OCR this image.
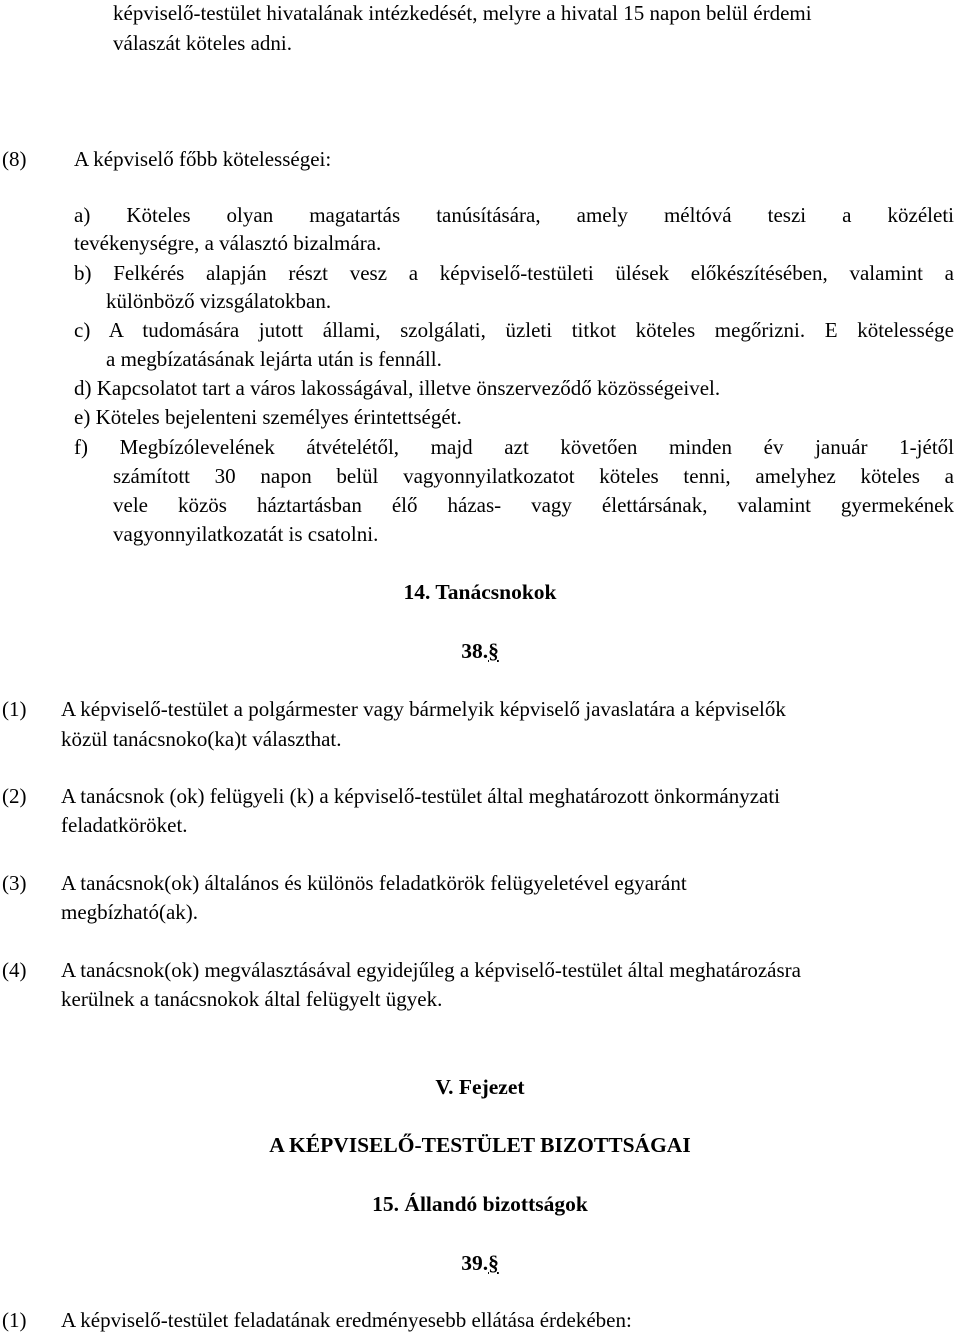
képviselő-testület hivatalának intézkedését, melyre a hivatal 15 napon belül érdemi
válaszát köteles adni.
(8) A képviselő főbb kötelességei:
a) Köteles olyan magatartás tanúsítására, amely méltóvá teszi a közéleti
tevékenységre, a választó bizalmára.
b) Felkérés alapján részt vesz a képviselő-testületi ülések előkészítésében, valamint a
különböző vizsgálatokban.
c) A tudomására jutott állami, szolgálati, üzleti titkot köteles megőrizni. E kötelessége
a megbízatásának lejárta után is fennáll.
d) Kapcsolatot tart a város lakosságával, illetve önszerveződő közösségeivel.
e) Köteles bejelenteni személyes érintettségét.
f) Megbízólevelének átvételétől, majd azt követően minden év január 1-jétől
számított 30 napon belül vagyonnyilatkozatot köteles tenni, amelyhez köteles a
vele közös háztartásban élő házas- vagy élettársának, valamint gyermekének
vagyonnyilatkozatát is csatolni.
14. Tanácsnokok
38.§
(1) A képviselő-testület a polgármester vagy bármelyik képviselő javaslatára a képviselők
közül tanácsnoko(ka)t választhat.
(2) A tanácsnok (ok) felügyeli (k) a képviselő-testület által meghatározott önkormányzati
feladatköröket.
(3) A tanácsnok(ok) általános és különös feladatkörök felügyeletével egyaránt
megbízható(ak).
(4) A tanácsnok(ok) megválasztásával egyidejűleg a képviselő-testület által meghatározásra
kerülnek a tanácsnokok által felügyelt ügyek.
V. Fejezet
A KÉPVISELŐ-TESTÜLET BIZOTTSÁGAI
15. Állandó bizottságok
39.§
(1) A képviselő-testület feladatának eredményesebb ellátása érdekében:
